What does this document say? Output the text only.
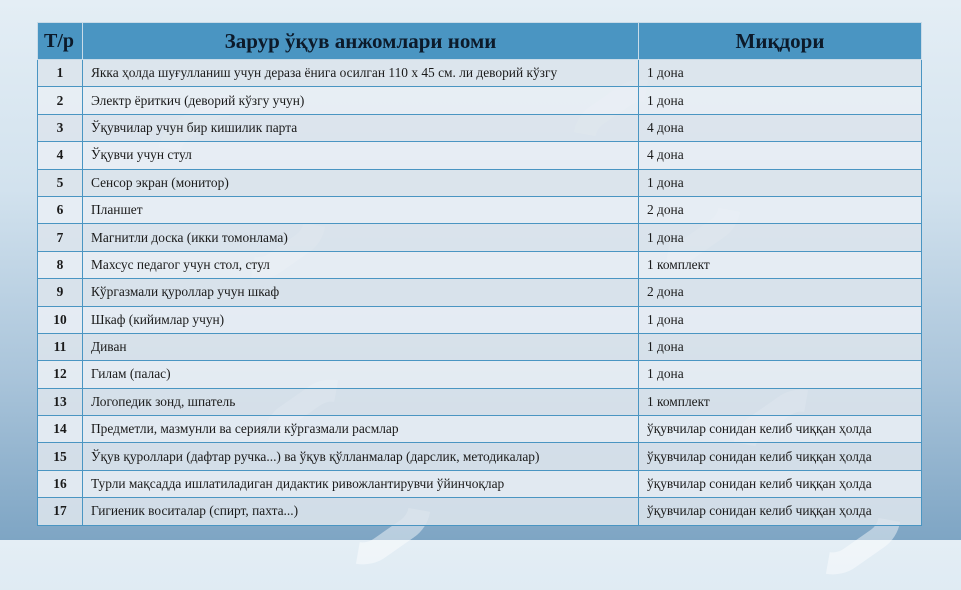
Т/р	Зарур ўқув анжомлари номи	Миқдори
1	Якка ҳолда шуғулланиш учун деразa ёнига осилган 110 х 45 см. ли деворий кўзгу	1 дона
2	Электр ёриткич (деворий кўзгу учун)	1 дона
3	Ўқувчилар учун бир кишилик парта	4 дона
4	Ўқувчи учун стул	4 дона
5	Сенсор экран (монитор)	1 дона
6	Планшет	2 дона
7	Магнитли доска (икки томонлама)	1 дона
8	Махсус педагог учун стол, стул	1 комплект
9	Кўргазмали қуроллар учун шкаф	2 дона
10	Шкаф (кийимлар учун)	1 дона
11	Диван	1 дона
12	Гилам (палас)	1 дона
13	Логопедик зонд, шпатель	1 комплект
14	Предметли, мазмунли ва серияли кўргазмали расмлар	ўқувчилар сонидан келиб чиққан ҳолда
15	Ўқув қуроллари (дафтар ручка...) ва ўқув қўлланмалар (дарслик, методикалар)	ўқувчилар сонидан келиб чиққан ҳолда
16	Турли мақсадда ишлатиладиган дидактик ривожлантирувчи ўйинчоқлар	ўқувчилар сонидан келиб чиққан ҳолда
17	Гигиеник воситалар (спирт, пахта...)	ўқувчилар сонидан келиб чиққан ҳолда
